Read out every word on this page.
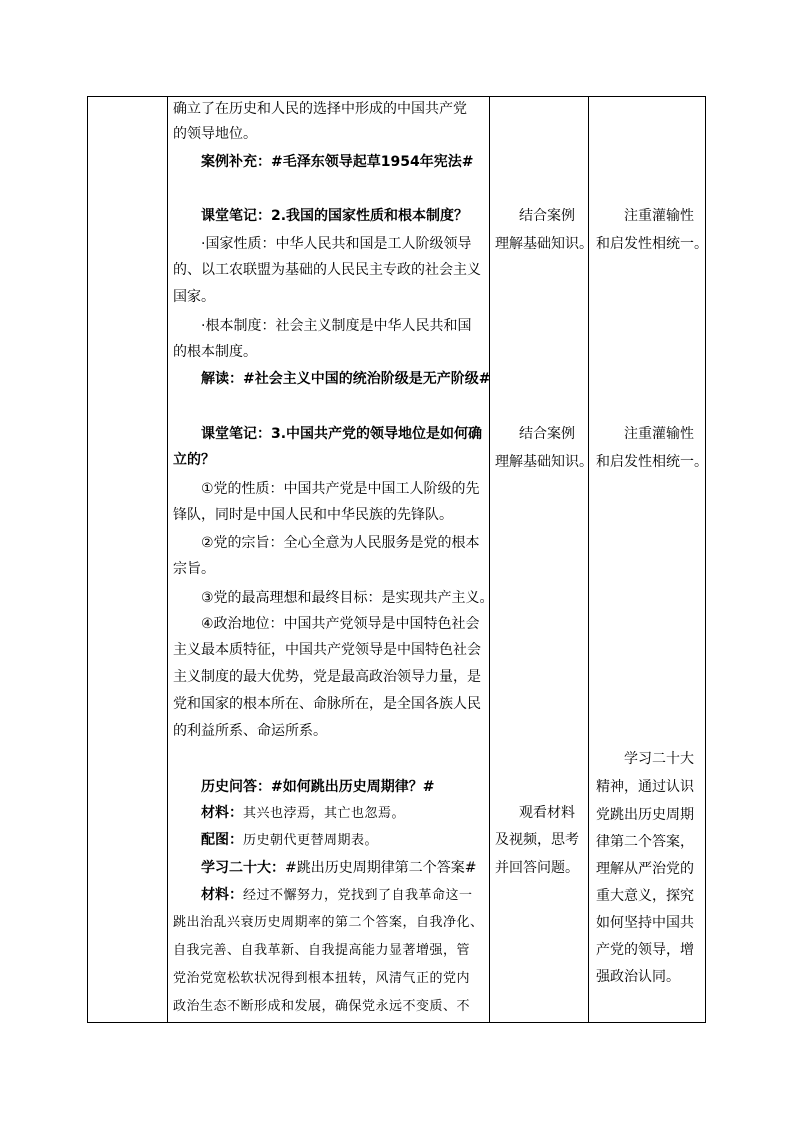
确立了在历史和人民的选择中形成的中国共产党
的领导地位。
案例补充：#毛泽东领导起草1954年宪法#
课堂笔记：2.我国的国家性质和根本制度？
·国家性质：中华人民共和国是工人阶级领导
的、以工农联盟为基础的人民民主专政的社会主义
国家。
·根本制度：社会主义制度是中华人民共和国
的根本制度。
解读：#社会主义中国的统治阶级是无产阶级#
课堂笔记：3.中国共产党的领导地位是如何确
立的？
①党的性质：中国共产党是中国工人阶级的先
锋队，同时是中国人民和中华民族的先锋队。
②党的宗旨：全心全意为人民服务是党的根本
宗旨。
③党的最高理想和最终目标：是实现共产主义。
④政治地位：中国共产党领导是中国特色社会
主义最本质特征，中国共产党领导是中国特色社会
主义制度的最大优势，党是最高政治领导力量，是
党和国家的根本所在、命脉所在，是全国各族人民
的利益所系、命运所系。
历史问答：#如何跳出历史周期律？#
材料：其兴也浡焉，其亡也忽焉。
配图：历史朝代更替周期表。
学习二十大：#跳出历史周期律第二个答案#
材料：经过不懈努力，党找到了自我革命这一
跳出治乱兴衰历史周期率的第二个答案，自我净化、
自我完善、自我革新、自我提高能力显著增强，管
党治党宽松软状况得到根本扭转，风清气正的党内
政治生态不断形成和发展，确保党永远不变质、不
结合案例
理解基础知识。
结合案例
理解基础知识。
观看材料
及视频，思考
并回答问题。
注重灌输性
和启发性相统一。
注重灌输性
和启发性相统一。
学习二十大
精神，通过认识
党跳出历史周期
律第二个答案，
理解从严治党的
重大意义，探究
如何坚持中国共
产党的领导，增
强政治认同。
